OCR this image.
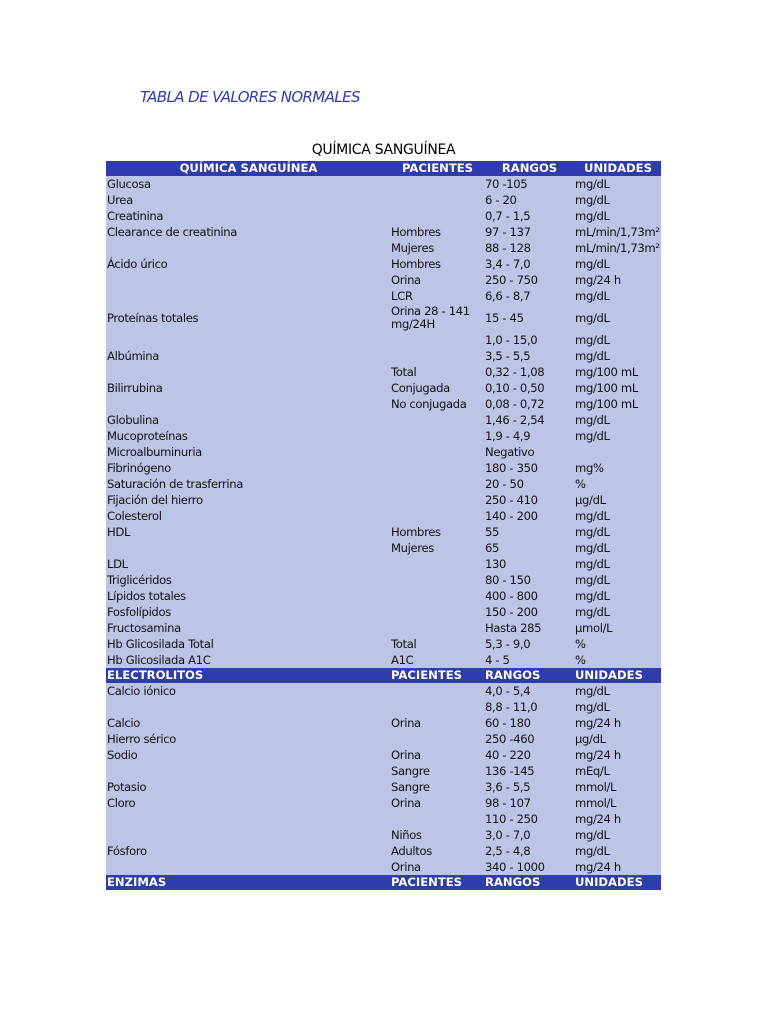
TABLA DE VALORES NORMALES
QUÍMICA SANGUÍNEA
QUÍMICA SANGUÍNEA	PACIENTES	RANGOS	UNIDADES
Glucosa		70 -105	mg/dL
Urea		6 - 20	mg/dL
Creatinina		0,7 - 1,5	mg/dL
Clearance de creatinina	Hombres	97 - 137	mL/min/1,73m²
	Mujeres	88 - 128	mL/min/1,73m²
Ácido úrico	Hombres	3,4 - 7,0	mg/dL
	Orina	250 - 750	mg/24 h
	LCR	6,6 - 8,7	mg/dL
Proteínas totales	Orina 28 - 141 mg/24H	15 - 45	mg/dL
		1,0 - 15,0	mg/dL
Albúmina		3,5 - 5,5	mg/dL
	Total	0,32 - 1,08	mg/100 mL
Bilirrubina	Conjugada	0,10 - 0,50	mg/100 mL
	No conjugada	0,08 - 0,72	mg/100 mL
Globulina		1,46 - 2,54	mg/dL
Mucoproteínas		1,9 - 4,9	mg/dL
Microalbuminuria		Negativo	
Fibrinógeno		180 - 350	mg%
Saturación de trasferrina		20 - 50	%
Fijación del hierro		250 - 410	µg/dL
Colesterol		140 - 200	mg/dL
HDL	Hombres	55	mg/dL
	Mujeres	65	mg/dL
LDL		130	mg/dL
Triglicéridos		80 - 150	mg/dL
Lípidos totales		400 - 800	mg/dL
Fosfolípidos		150 - 200	mg/dL
Fructosamina		Hasta 285	µmol/L
Hb Glicosilada Total	Total	5,3 - 9,0	%
Hb Glicosilada A1C	A1C	4 - 5	%
ELECTROLITOS	PACIENTES	RANGOS	UNIDADES
Calcio iónico		4,0 - 5,4	mg/dL
		8,8 - 11,0	mg/dL
Calcio	Orina	60 - 180	mg/24 h
Hierro sérico		250 -460	µg/dL
Sodio	Orina	40 - 220	mg/24 h
	Sangre	136 -145	mEq/L
Potasio	Sangre	3,6 - 5,5	mmol/L
Cloro	Orina	98 - 107	mmol/L
		110 - 250	mg/24 h
	Niños	3,0 - 7,0	mg/dL
Fósforo	Adultos	2,5 - 4,8	mg/dL
	Orina	340 - 1000	mg/24 h
ENZIMAS	PACIENTES	RANGOS	UNIDADES
